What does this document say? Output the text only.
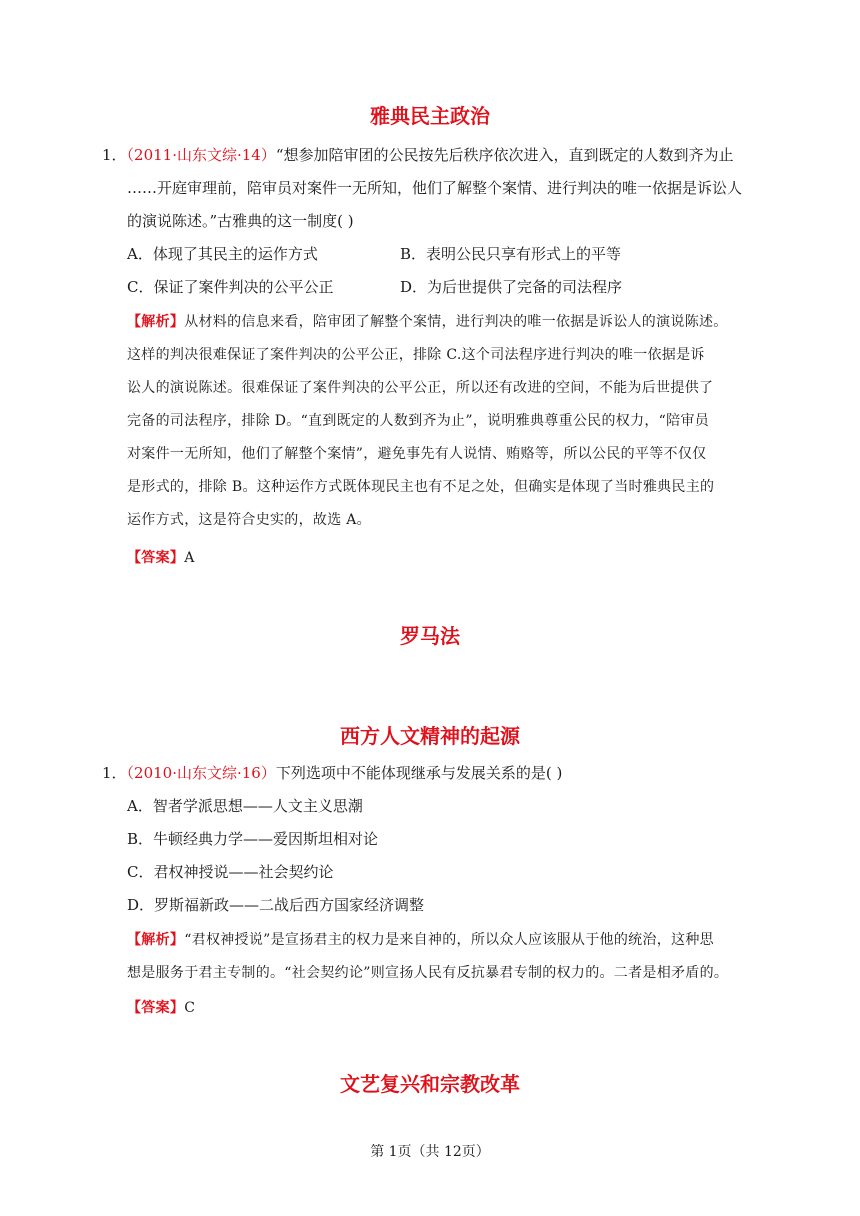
雅典民主政治
1．（2011·山东文综·14）“想参加陪审团的公民按先后秩序依次进入，直到既定的人数到齐为止
……开庭审理前，陪审员对案件一无所知，他们了解整个案情、进行判决的唯一依据是诉讼人
的演说陈述。”古雅典的这一制度( )
A．体现了其民主的运作方式	B．表明公民只享有形式上的平等
C．保证了案件判决的公平公正	D．为后世提供了完备的司法程序
【解析】从材料的信息来看，陪审团了解整个案情，进行判决的唯一依据是诉讼人的演说陈述。
这样的判决很难保证了案件判决的公平公正，排除 C.这个司法程序进行判决的唯一依据是诉
讼人的演说陈述。很难保证了案件判决的公平公正，所以还有改进的空间，不能为后世提供了
完备的司法程序，排除 D。“直到既定的人数到齐为止”，说明雅典尊重公民的权力，“陪审员
对案件一无所知，他们了解整个案情”，避免事先有人说情、贿赂等，所以公民的平等不仅仅
是形式的，排除 B。这种运作方式既体现民主也有不足之处，但确实是体现了当时雅典民主的
运作方式，这是符合史实的，故选 A。
【答案】A
罗马法
西方人文精神的起源
1．（2010·山东文综·16）下列选项中不能体现继承与发展关系的是( )
A．智者学派思想——人文主义思潮
B．牛顿经典力学——爱因斯坦相对论
C．君权神授说——社会契约论
D．罗斯福新政——二战后西方国家经济调整
【解析】“君权神授说”是宣扬君主的权力是来自神的，所以众人应该服从于他的统治，这种思
想是服务于君主专制的。“社会契约论”则宣扬人民有反抗暴君专制的权力的。二者是相矛盾的。
【答案】C
文艺复兴和宗教改革
第 1页（共 12页）
